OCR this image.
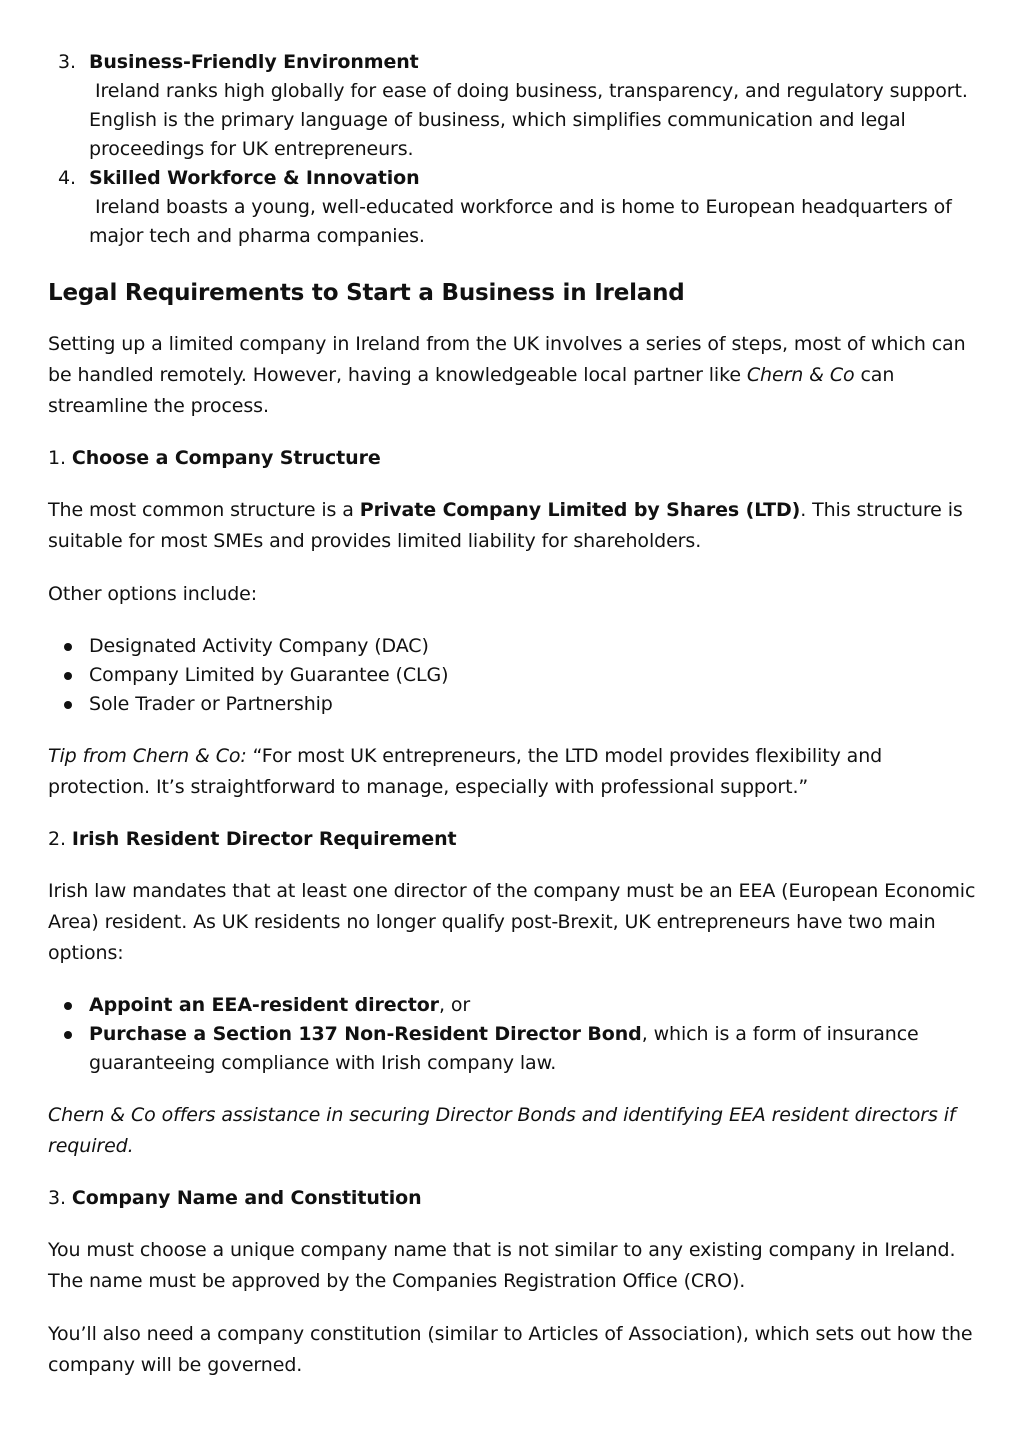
3. Business-Friendly Environment
Ireland ranks high globally for ease of doing business, transparency, and regulatory support. English is the primary language of business, which simplifies communication and legal proceedings for UK entrepreneurs.
4. Skilled Workforce & Innovation
Ireland boasts a young, well-educated workforce and is home to European headquarters of major tech and pharma companies.
Legal Requirements to Start a Business in Ireland

Setting up a limited company in Ireland from the UK involves a series of steps, most of which can be handled remotely. However, having a knowledgeable local partner like Chern & Co can streamline the process.

1. Choose a Company Structure

The most common structure is a Private Company Limited by Shares (LTD). This structure is suitable for most SMEs and provides limited liability for shareholders.

Other options include:

Designated Activity Company (DAC)
Company Limited by Guarantee (CLG)
Sole Trader or Partnership

Tip from Chern & Co: “For most UK entrepreneurs, the LTD model provides flexibility and protection. It’s straightforward to manage, especially with professional support.”

2. Irish Resident Director Requirement

Irish law mandates that at least one director of the company must be an EEA (European Economic Area) resident. As UK residents no longer qualify post-Brexit, UK entrepreneurs have two main options:

Appoint an EEA-resident director, or
Purchase a Section 137 Non-Resident Director Bond, which is a form of insurance guaranteeing compliance with Irish company law.

Chern & Co offers assistance in securing Director Bonds and identifying EEA resident directors if required.

3. Company Name and Constitution

You must choose a unique company name that is not similar to any existing company in Ireland. The name must be approved by the Companies Registration Office (CRO).

You’ll also need a company constitution (similar to Articles of Association), which sets out how the company will be governed.
